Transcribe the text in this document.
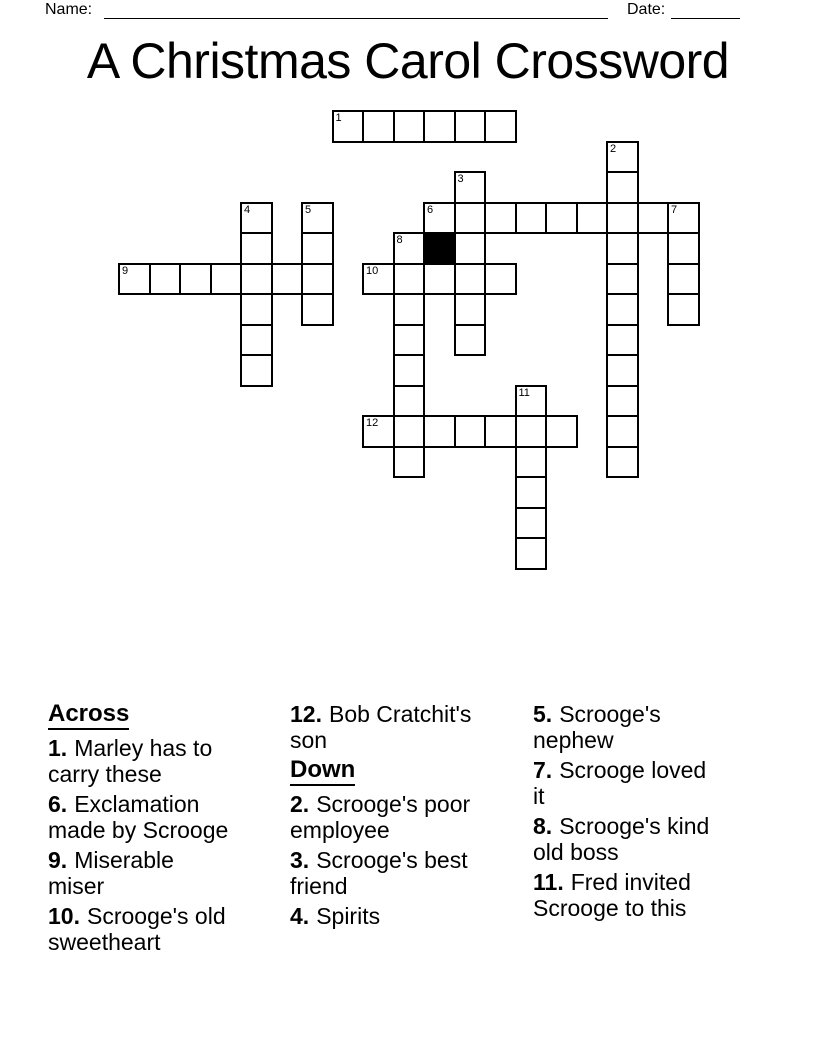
Name:	Date:
A Christmas Carol Crossword
1
6	7
9	10
12
2
3
4	5
8
11

Across

1. Marley has to carry these

6. Exclamation made by Scrooge

9. Miserable miser

10. Scrooge's old sweetheart

12. Bob Cratchit's son

Down

2. Scrooge's poor employee

3. Scrooge's best friend

4. Spirits

5. Scrooge's nephew

7. Scrooge loved it

8. Scrooge's kind old boss

11. Fred invited Scrooge to this
